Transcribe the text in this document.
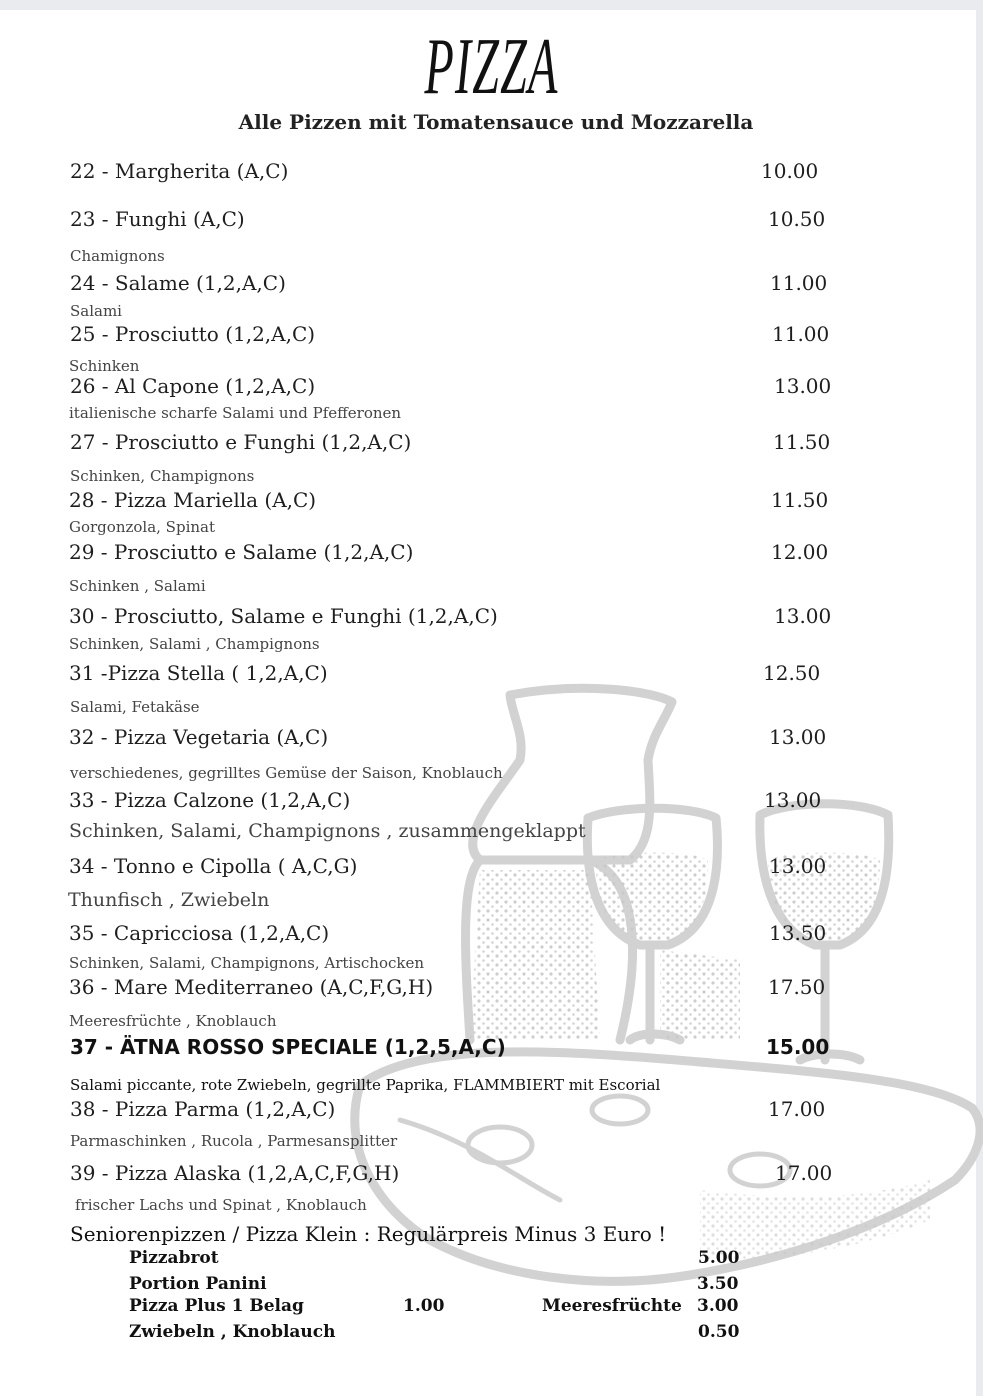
PIZZA
Alle Pizzen mit Tomatensauce und Mozzarella
22 - Margherita (A,C)	10.00
23 - Funghi (A,C)	10.50
Chamignons
24 - Salame (1,2,A,C)	11.00
Salami
25 - Prosciutto (1,2,A,C)	11.00
Schinken
26 - Al Capone (1,2,A,C)	13.00
italienische scharfe Salami und Pfefferonen
27 - Prosciutto e Funghi (1,2,A,C)	11.50
Schinken, Champignons
28 - Pizza Mariella (A,C)	11.50
Gorgonzola, Spinat
29 - Prosciutto e Salame (1,2,A,C)	12.00
Schinken , Salami
30 - Prosciutto, Salame e Funghi (1,2,A,C)	13.00
Schinken, Salami , Champignons
31 -Pizza Stella ( 1,2,A,C)	12.50
Salami, Fetakäse
32 - Pizza Vegetaria (A,C)	13.00
verschiedenes, gegrilltes Gemüse der Saison, Knoblauch
33 - Pizza Calzone (1,2,A,C)	13.00
Schinken, Salami, Champignons , zusammengeklappt
34 - Tonno e Cipolla ( A,C,G)	13.00
Thunfisch , Zwiebeln
35 - Capricciosa (1,2,A,C)	13.50
Schinken, Salami, Champignons, Artischocken
36 - Mare Mediterraneo (A,C,F,G,H)	17.50
Meeresfrüchte , Knoblauch
37 - ÄTNA ROSSO SPECIALE (1,2,5,A,C)	15.00
Salami piccante, rote Zwiebeln, gegrillte Paprika, FLAMMBIERT mit Escorial
38 - Pizza Parma (1,2,A,C)	17.00
Parmaschinken , Rucola , Parmesansplitter
39 - Pizza Alaska (1,2,A,C,F,G,H)	17.00
frischer Lachs und Spinat , Knoblauch
Seniorenpizzen / Pizza Klein : Regulärpreis Minus 3 Euro !
Pizzabrot	5.00
Portion Panini	3.50
Pizza Plus 1 Belag	1.00	Meeresfrüchte 3.00
Zwiebeln , Knoblauch	0.50
